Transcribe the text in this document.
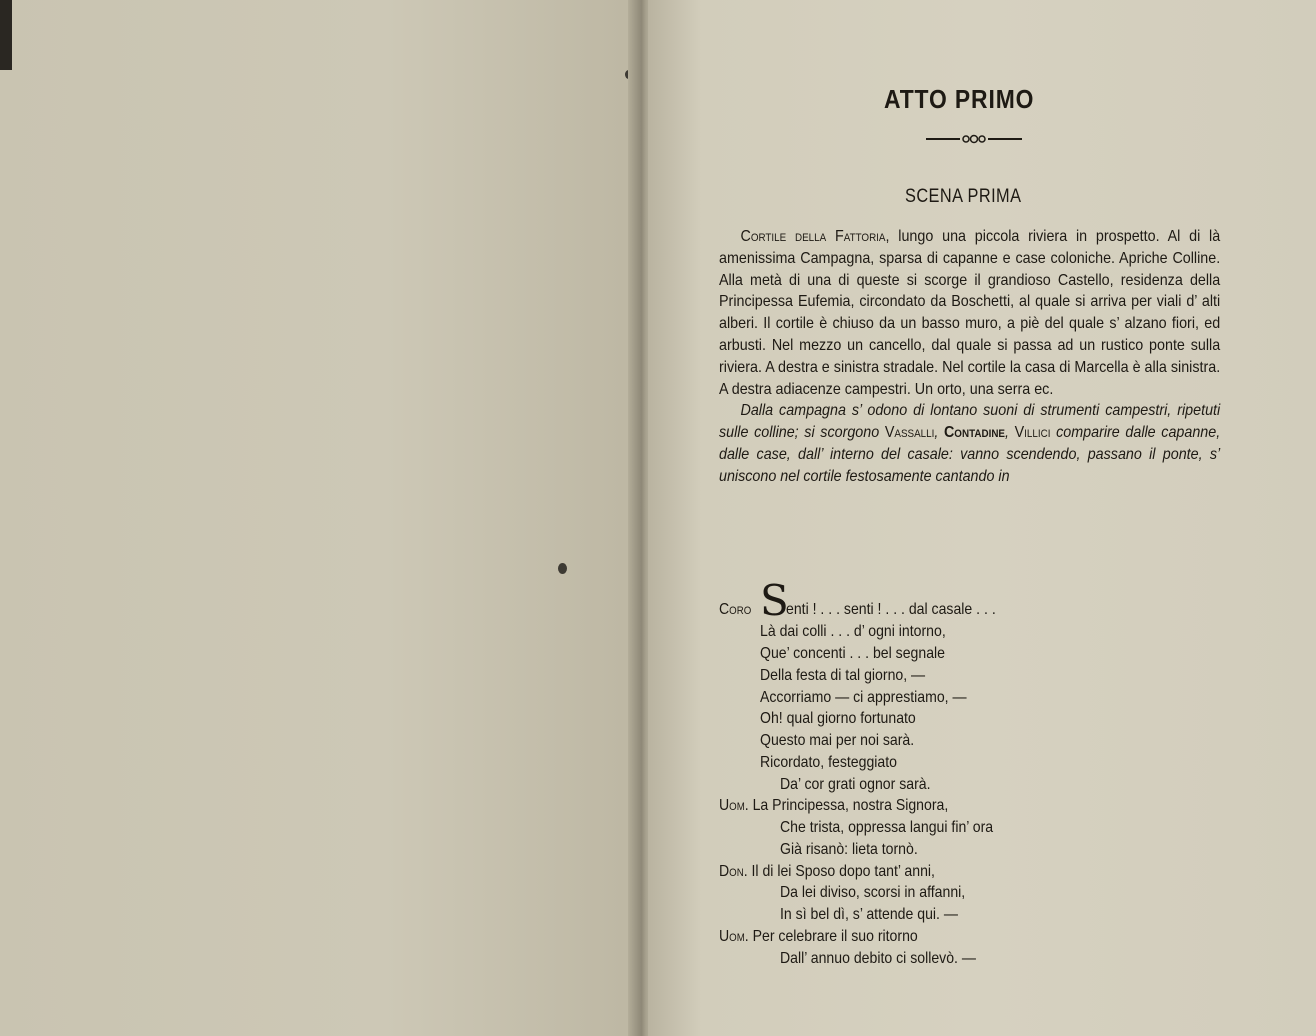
ATTO PRIMO
SCENA PRIMA

Cortile della Fattoria, lungo una piccola riviera in prospetto. Al di là amenissima Campagna, sparsa di capanne e case coloniche. Apriche Colline. Alla metà di una di queste si scorge il grandioso Castello, residenza della Principessa Eufemia, circondato da Boschetti, al quale si arriva per viali d’ alti alberi. Il cortile è chiuso da un basso muro, a piè del quale s’ alzano fiori, ed arbusti. Nel mezzo un cancello, dal quale si passa ad un rustico ponte sulla riviera. A destra e sinistra stradale. Nel cortile la casa di Marcella è alla sinistra. A destra adiacenze campestri. Un orto, una serra ec.

Dalla campagna s’ odono di lontano suoni di strumenti campestri, ripetuti sulle colline; si scorgono Vassalli, Contadine, Villici comparire dalle capanne, dalle case, dall’ interno del casale: vanno scendendo, passano il ponte, s’ uniscono nel cortile festosamente cantando in

S
Coro enti ! . . . senti ! . . . dal casale . . .
Là dai colli . . . d’ ogni intorno,
Que’ concenti . . . bel segnale
Della festa di tal giorno, —
Accorriamo — ci apprestiamo, —
Oh! qual giorno fortunato
Questo mai per noi sarà.
Ricordato, festeggiato
Da’ cor grati ognor sarà.
Uom. La Principessa, nostra Signora,
Che trista, oppressa langui fin’ ora
Già risanò: lieta tornò.
Don. Il di lei Sposo dopo tant’ anni,
Da lei diviso, scorsi in affanni,
In sì bel dì, s’ attende qui. —
Uom. Per celebrare il suo ritorno
Dall’ annuo debito ci sollevò. —
